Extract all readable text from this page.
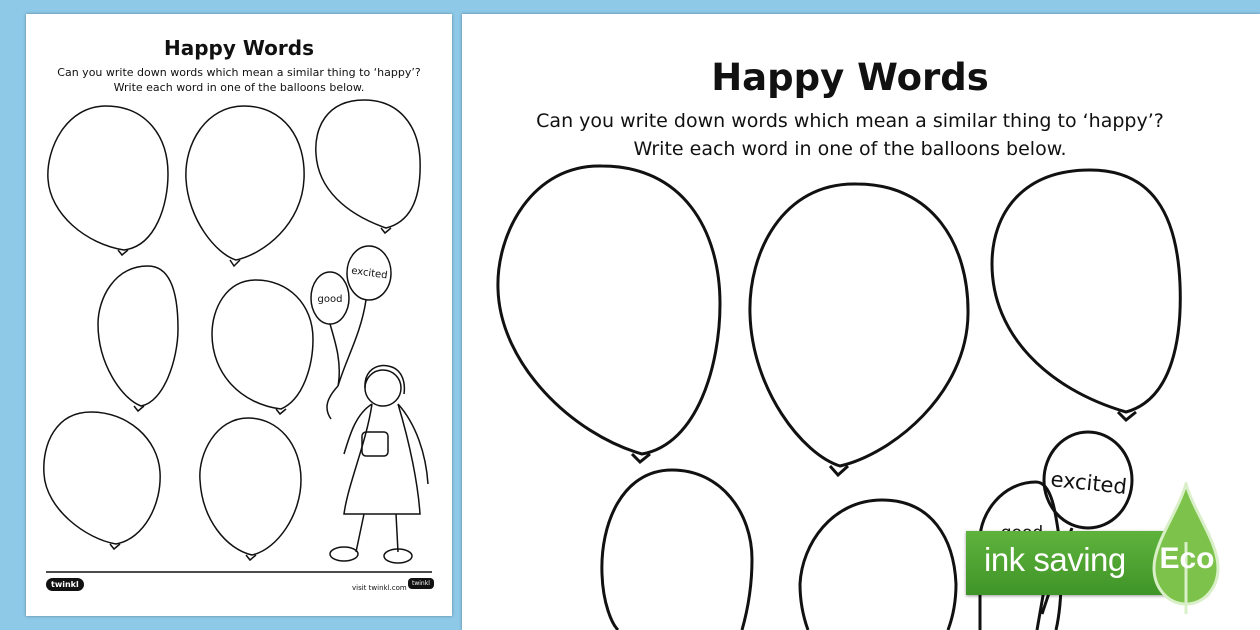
Happy Words
Can you write down words which mean a similar thing to ‘happy’?
Write each word in one of the balloons below.
excited
good
twinkl	visit twinkl.com
twinkl
Happy Words
Can you write down words which mean a similar thing to ‘happy’?
Write each word in one of the balloons below.
excited
ink saving Eco
